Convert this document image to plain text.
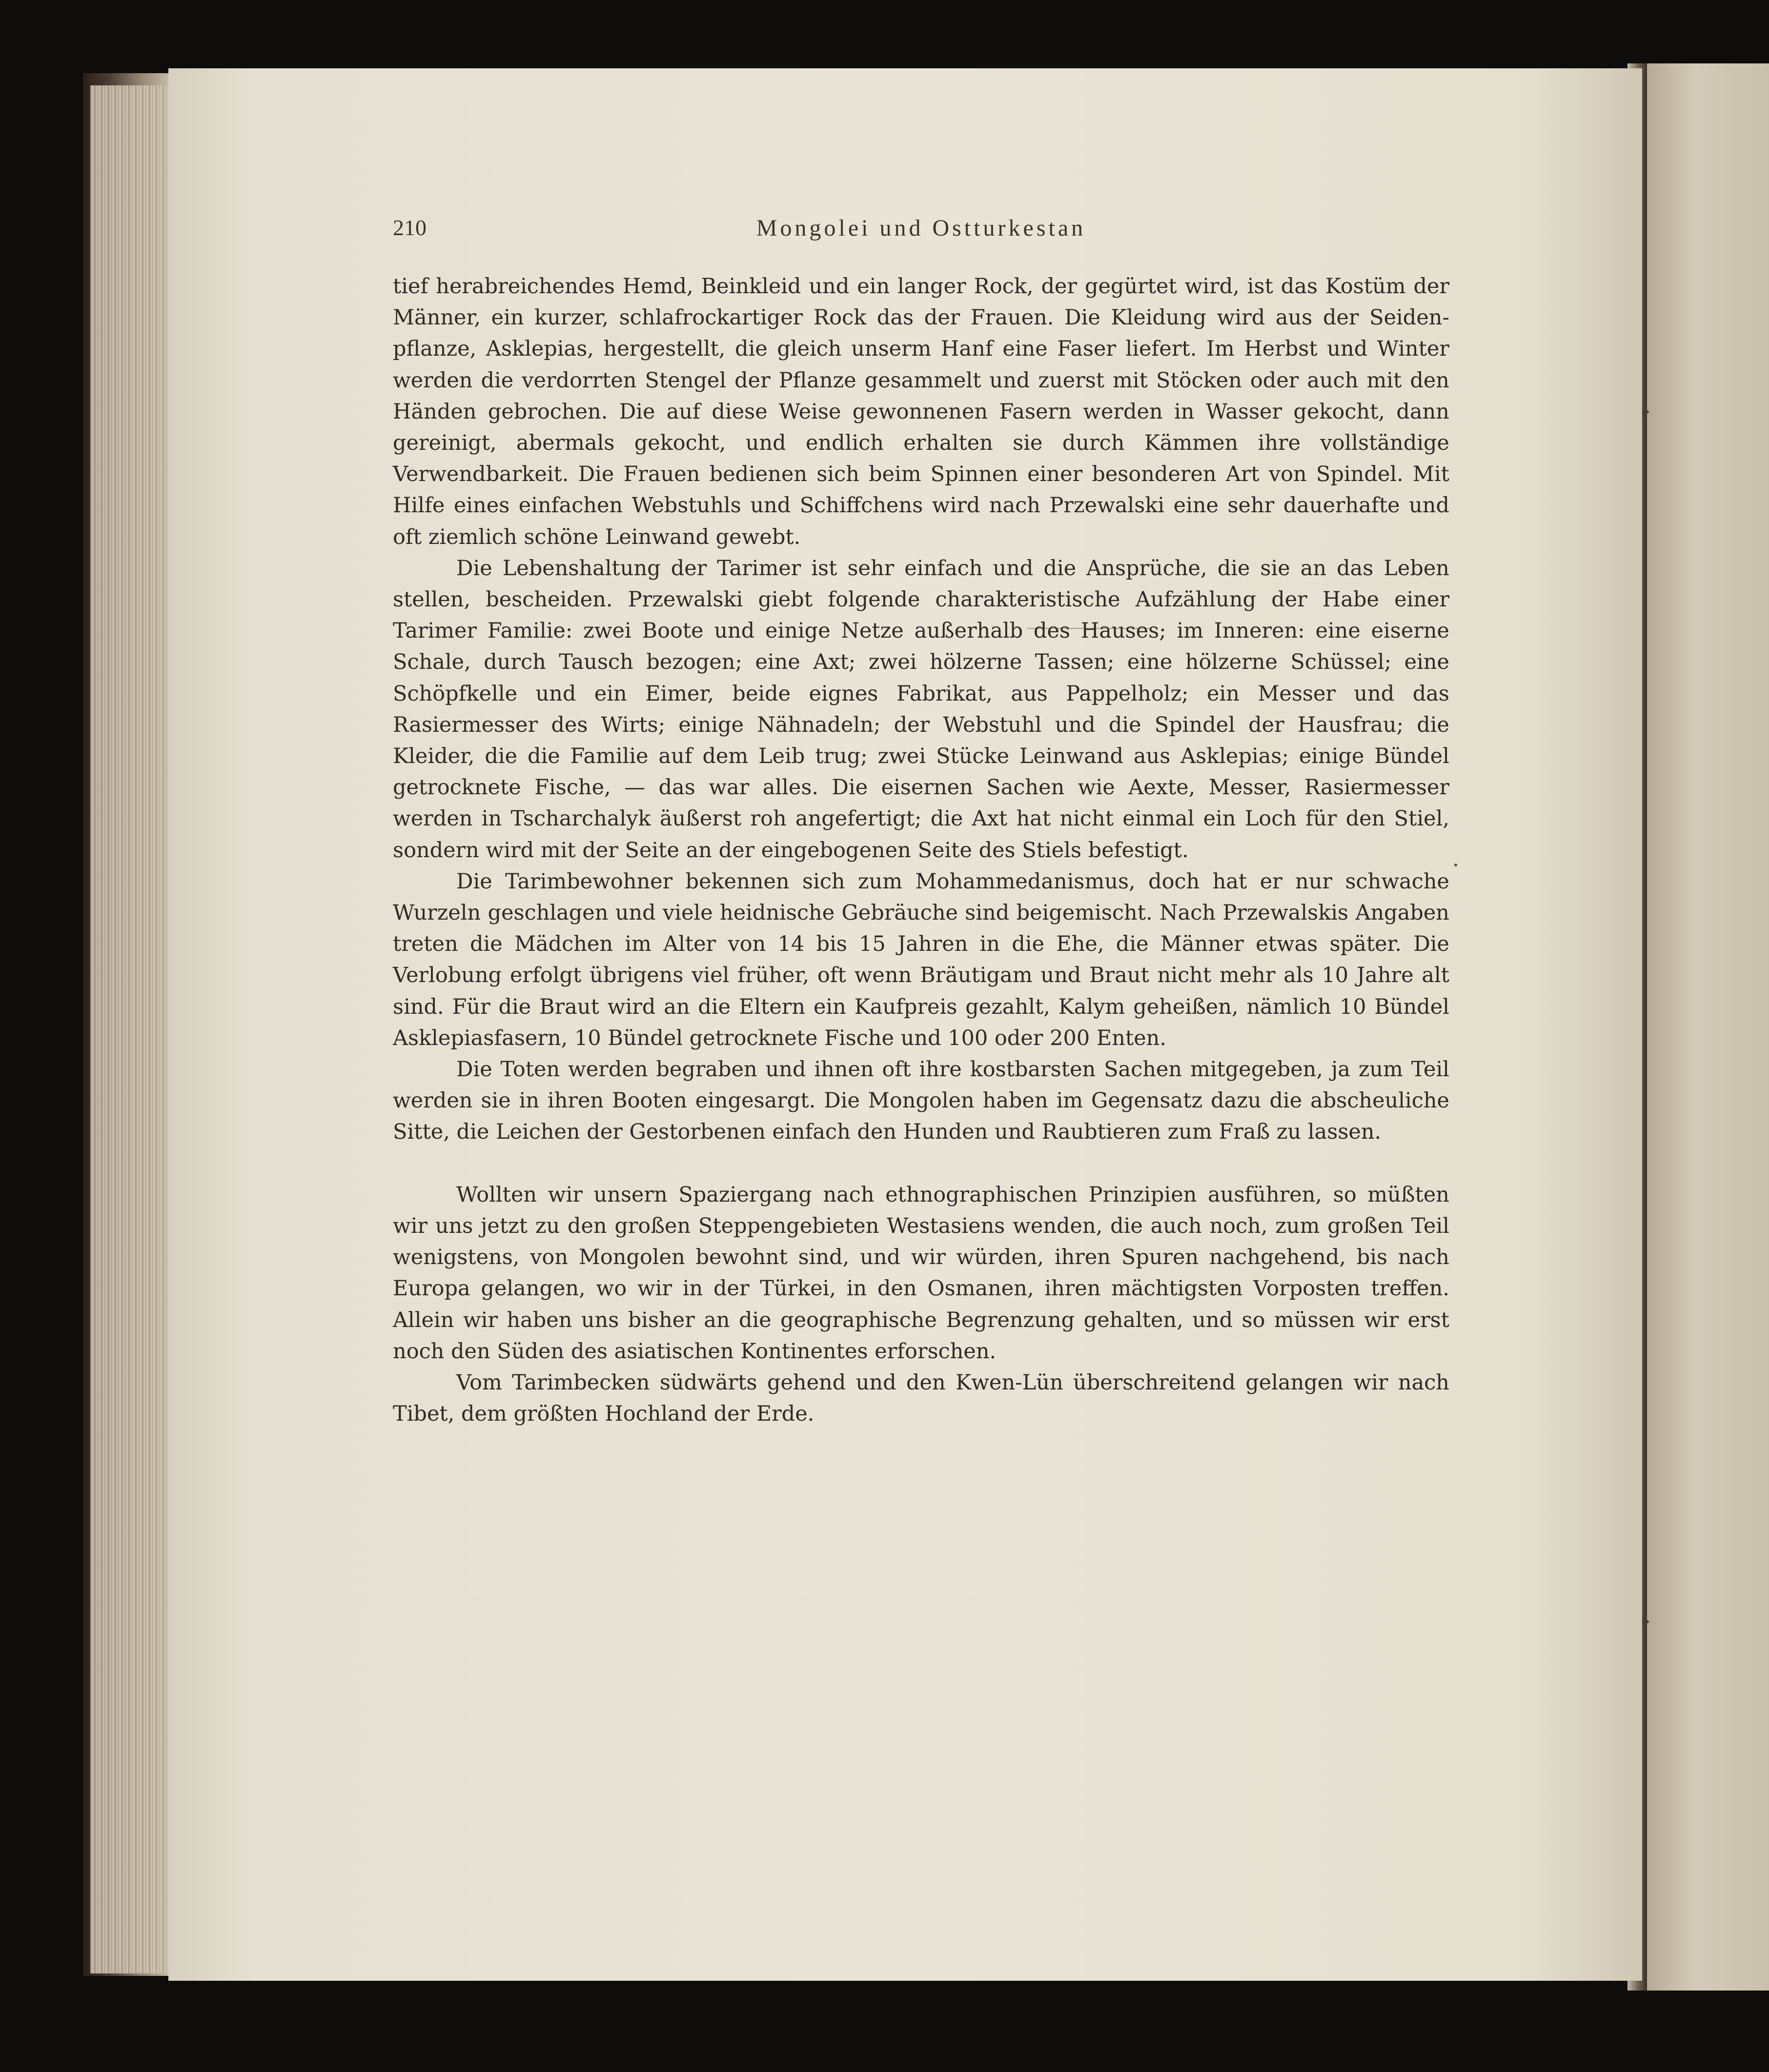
210	Mongolei und Ostturkestan

tief herabreichendes Hemd, Beinkleid und ein langer Rock, der gegürtet wird, ist das Kostüm der Männer, ein kurzer, schlafrockartiger Rock das der Frauen. Die Kleidung wird aus der Seiden-pflanze, Asklepias, hergestellt, die gleich unserm Hanf eine Faser liefert. Im Herbst und Winter werden die verdorrten Stengel der Pflanze gesammelt und zuerst mit Stöcken oder auch mit den Händen gebrochen. Die auf diese Weise gewonnenen Fasern werden in Wasser gekocht, dann gereinigt, abermals gekocht, und endlich erhalten sie durch Kämmen ihre vollständige Verwendbarkeit. Die Frauen bedienen sich beim Spinnen einer besonderen Art von Spindel. Mit Hilfe eines einfachen Webstuhls und Schiffchens wird nach Przewalski eine sehr dauerhafte und oft ziemlich schöne Leinwand gewebt.

Die Lebenshaltung der Tarimer ist sehr einfach und die Ansprüche, die sie an das Leben stellen, bescheiden. Przewalski giebt folgende charakteristische Aufzählung der Habe einer Tarimer Familie: zwei Boote und einige Netze außerhalb des Hauses; im Inneren: eine eiserne Schale, durch Tausch bezogen; eine Axt; zwei hölzerne Tassen; eine hölzerne Schüssel; eine Schöpfkelle und ein Eimer, beide eignes Fabrikat, aus Pappelholz; ein Messer und das Rasiermesser des Wirts; einige Nähnadeln; der Webstuhl und die Spindel der Hausfrau; die Kleider, die die Familie auf dem Leib trug; zwei Stücke Leinwand aus Asklepias; einige Bündel getrocknete Fische, — das war alles. Die eisernen Sachen wie Aexte, Messer, Rasiermesser werden in Tscharchalyk äußerst roh angefertigt; die Axt hat nicht einmal ein Loch für den Stiel, sondern wird mit der Seite an der eingebogenen Seite des Stiels befestigt.

Die Tarimbewohner bekennen sich zum Mohammedanismus, doch hat er nur schwache Wurzeln geschlagen und viele heidnische Gebräuche sind beigemischt. Nach Przewalskis Angaben treten die Mädchen im Alter von 14 bis 15 Jahren in die Ehe, die Männer etwas später. Die Verlobung erfolgt übrigens viel früher, oft wenn Bräutigam und Braut nicht mehr als 10 Jahre alt sind. Für die Braut wird an die Eltern ein Kaufpreis gezahlt, Kalym geheißen, nämlich 10 Bündel Asklepiasfasern, 10 Bündel getrocknete Fische und 100 oder 200 Enten.

Die Toten werden begraben und ihnen oft ihre kostbarsten Sachen mitgegeben, ja zum Teil werden sie in ihren Booten eingesargt. Die Mongolen haben im Gegensatz dazu die abscheuliche Sitte, die Leichen der Gestorbenen einfach den Hunden und Raubtieren zum Fraß zu lassen.

Wollten wir unsern Spaziergang nach ethnographischen Prinzipien ausführen, so müßten wir uns jetzt zu den großen Steppengebieten Westasiens wenden, die auch noch, zum großen Teil wenigstens, von Mongolen bewohnt sind, und wir würden, ihren Spuren nachgehend, bis nach Europa gelangen, wo wir in der Türkei, in den Osmanen, ihren mächtigsten Vorposten treffen. Allein wir haben uns bisher an die geographische Begrenzung gehalten, und so müssen wir erst noch den Süden des asiatischen Kontinentes erforschen.

Vom Tarimbecken südwärts gehend und den Kwen-Lün überschreitend gelangen wir nach Tibet, dem größten Hochland der Erde.
